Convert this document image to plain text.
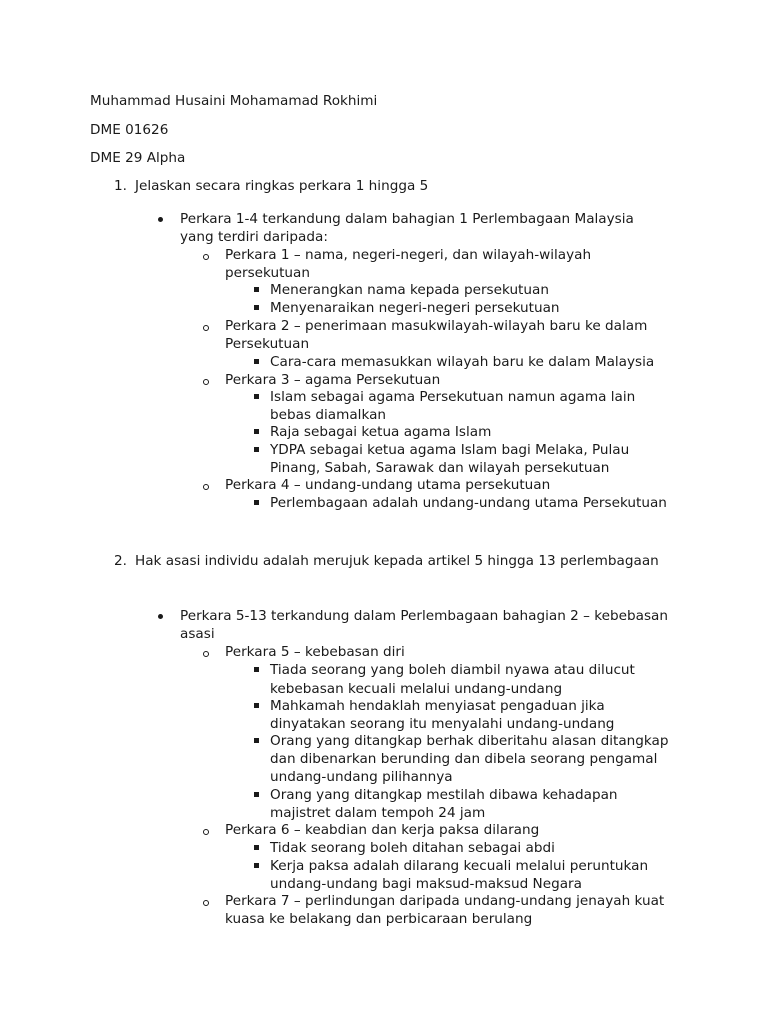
Muhammad Husaini Mohamamad Rokhimi
DME 01626
DME 29 Alpha
1. Jelaskan secara ringkas perkara 1 hingga 5
Perkara 1-4 terkandung dalam bahagian 1 Perlembagaan Malaysia
yang terdiri daripada:
Perkara 1 – nama, negeri-negeri, dan wilayah-wilayah
persekutuan
Menerangkan nama kepada persekutuan
Menyenaraikan negeri-negeri persekutuan
Perkara 2 – penerimaan masukwilayah-wilayah baru ke dalam
Persekutuan
Cara-cara memasukkan wilayah baru ke dalam Malaysia
Perkara 3 – agama Persekutuan
Islam sebagai agama Persekutuan namun agama lain
bebas diamalkan
Raja sebagai ketua agama Islam
YDPA sebagai ketua agama Islam bagi Melaka, Pulau
Pinang, Sabah, Sarawak dan wilayah persekutuan
Perkara 4 – undang-undang utama persekutuan
Perlembagaan adalah undang-undang utama Persekutuan
2. Hak asasi individu adalah merujuk kepada artikel 5 hingga 13 perlembagaan
Perkara 5-13 terkandung dalam Perlembagaan bahagian 2 – kebebasan
asasi
Perkara 5 – kebebasan diri
Tiada seorang yang boleh diambil nyawa atau dilucut
kebebasan kecuali melalui undang-undang
Mahkamah hendaklah menyiasat pengaduan jika
dinyatakan seorang itu menyalahi undang-undang
Orang yang ditangkap berhak diberitahu alasan ditangkap
dan dibenarkan berunding dan dibela seorang pengamal
undang-undang pilihannya
Orang yang ditangkap mestilah dibawa kehadapan
majistret dalam tempoh 24 jam
Perkara 6 – keabdian dan kerja paksa dilarang
Tidak seorang boleh ditahan sebagai abdi
Kerja paksa adalah dilarang kecuali melalui peruntukan
undang-undang bagi maksud-maksud Negara
Perkara 7 – perlindungan daripada undang-undang jenayah kuat
kuasa ke belakang dan perbicaraan berulang
